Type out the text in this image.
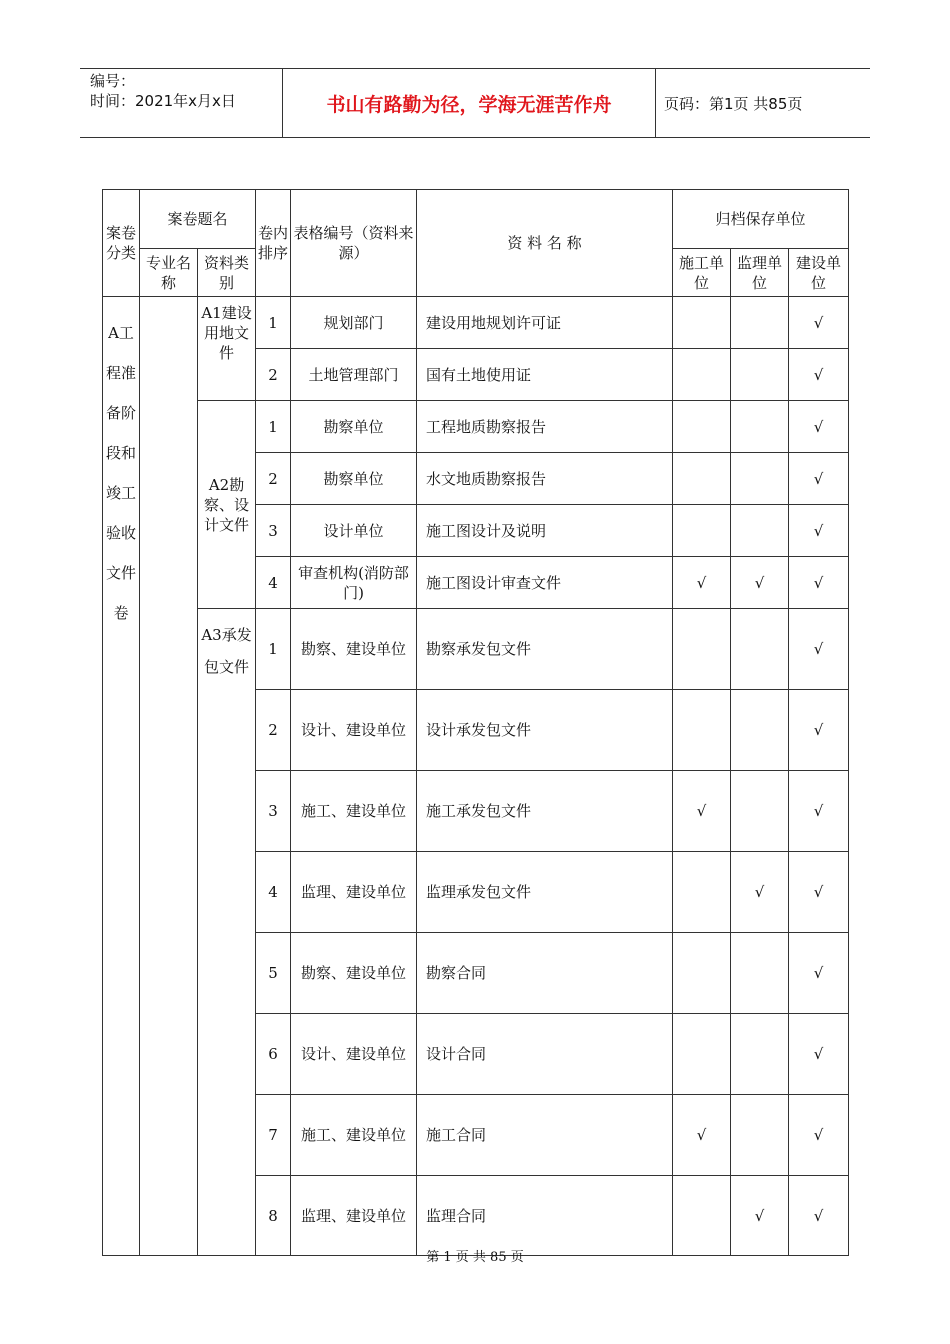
编号：
时间：2021年x月x日	书山有路勤为径，学海无涯苦作舟	页码：第1页 共85页
案卷分类	案卷题名		卷内排序	表格编号（资料来源）	资 料 名 称	归档保存单位		
	专业名称	资料类别				施工单位	监理单位	建设单位

A工程准备阶段和竣工验收文件卷		A1建设用地文件	1	规划部门	建设用地规划许可证			√
			2	土地管理部门	国有土地使用证			√
		A2勘察、设计文件	1	勘察单位	工程地质勘察报告			√
			2	勘察单位	水文地质勘察报告			√
			3	设计单位	施工图设计及说明			√
			4	审查机构(消防部门)	施工图设计审查文件	√	√	√

		A3承发包文件	1	勘察、建设单位	勘察承发包文件			√
			2	设计、建设单位	设计承发包文件			√
			3	施工、建设单位	施工承发包文件	√		√
			4	监理、建设单位	监理承发包文件		√	√
			5	勘察、建设单位	勘察合同			√
			6	设计、建设单位	设计合同			√
			7	施工、建设单位	施工合同	√		√
			8	监理、建设单位	监理合同		√	√
第 1 页 共 85 页
